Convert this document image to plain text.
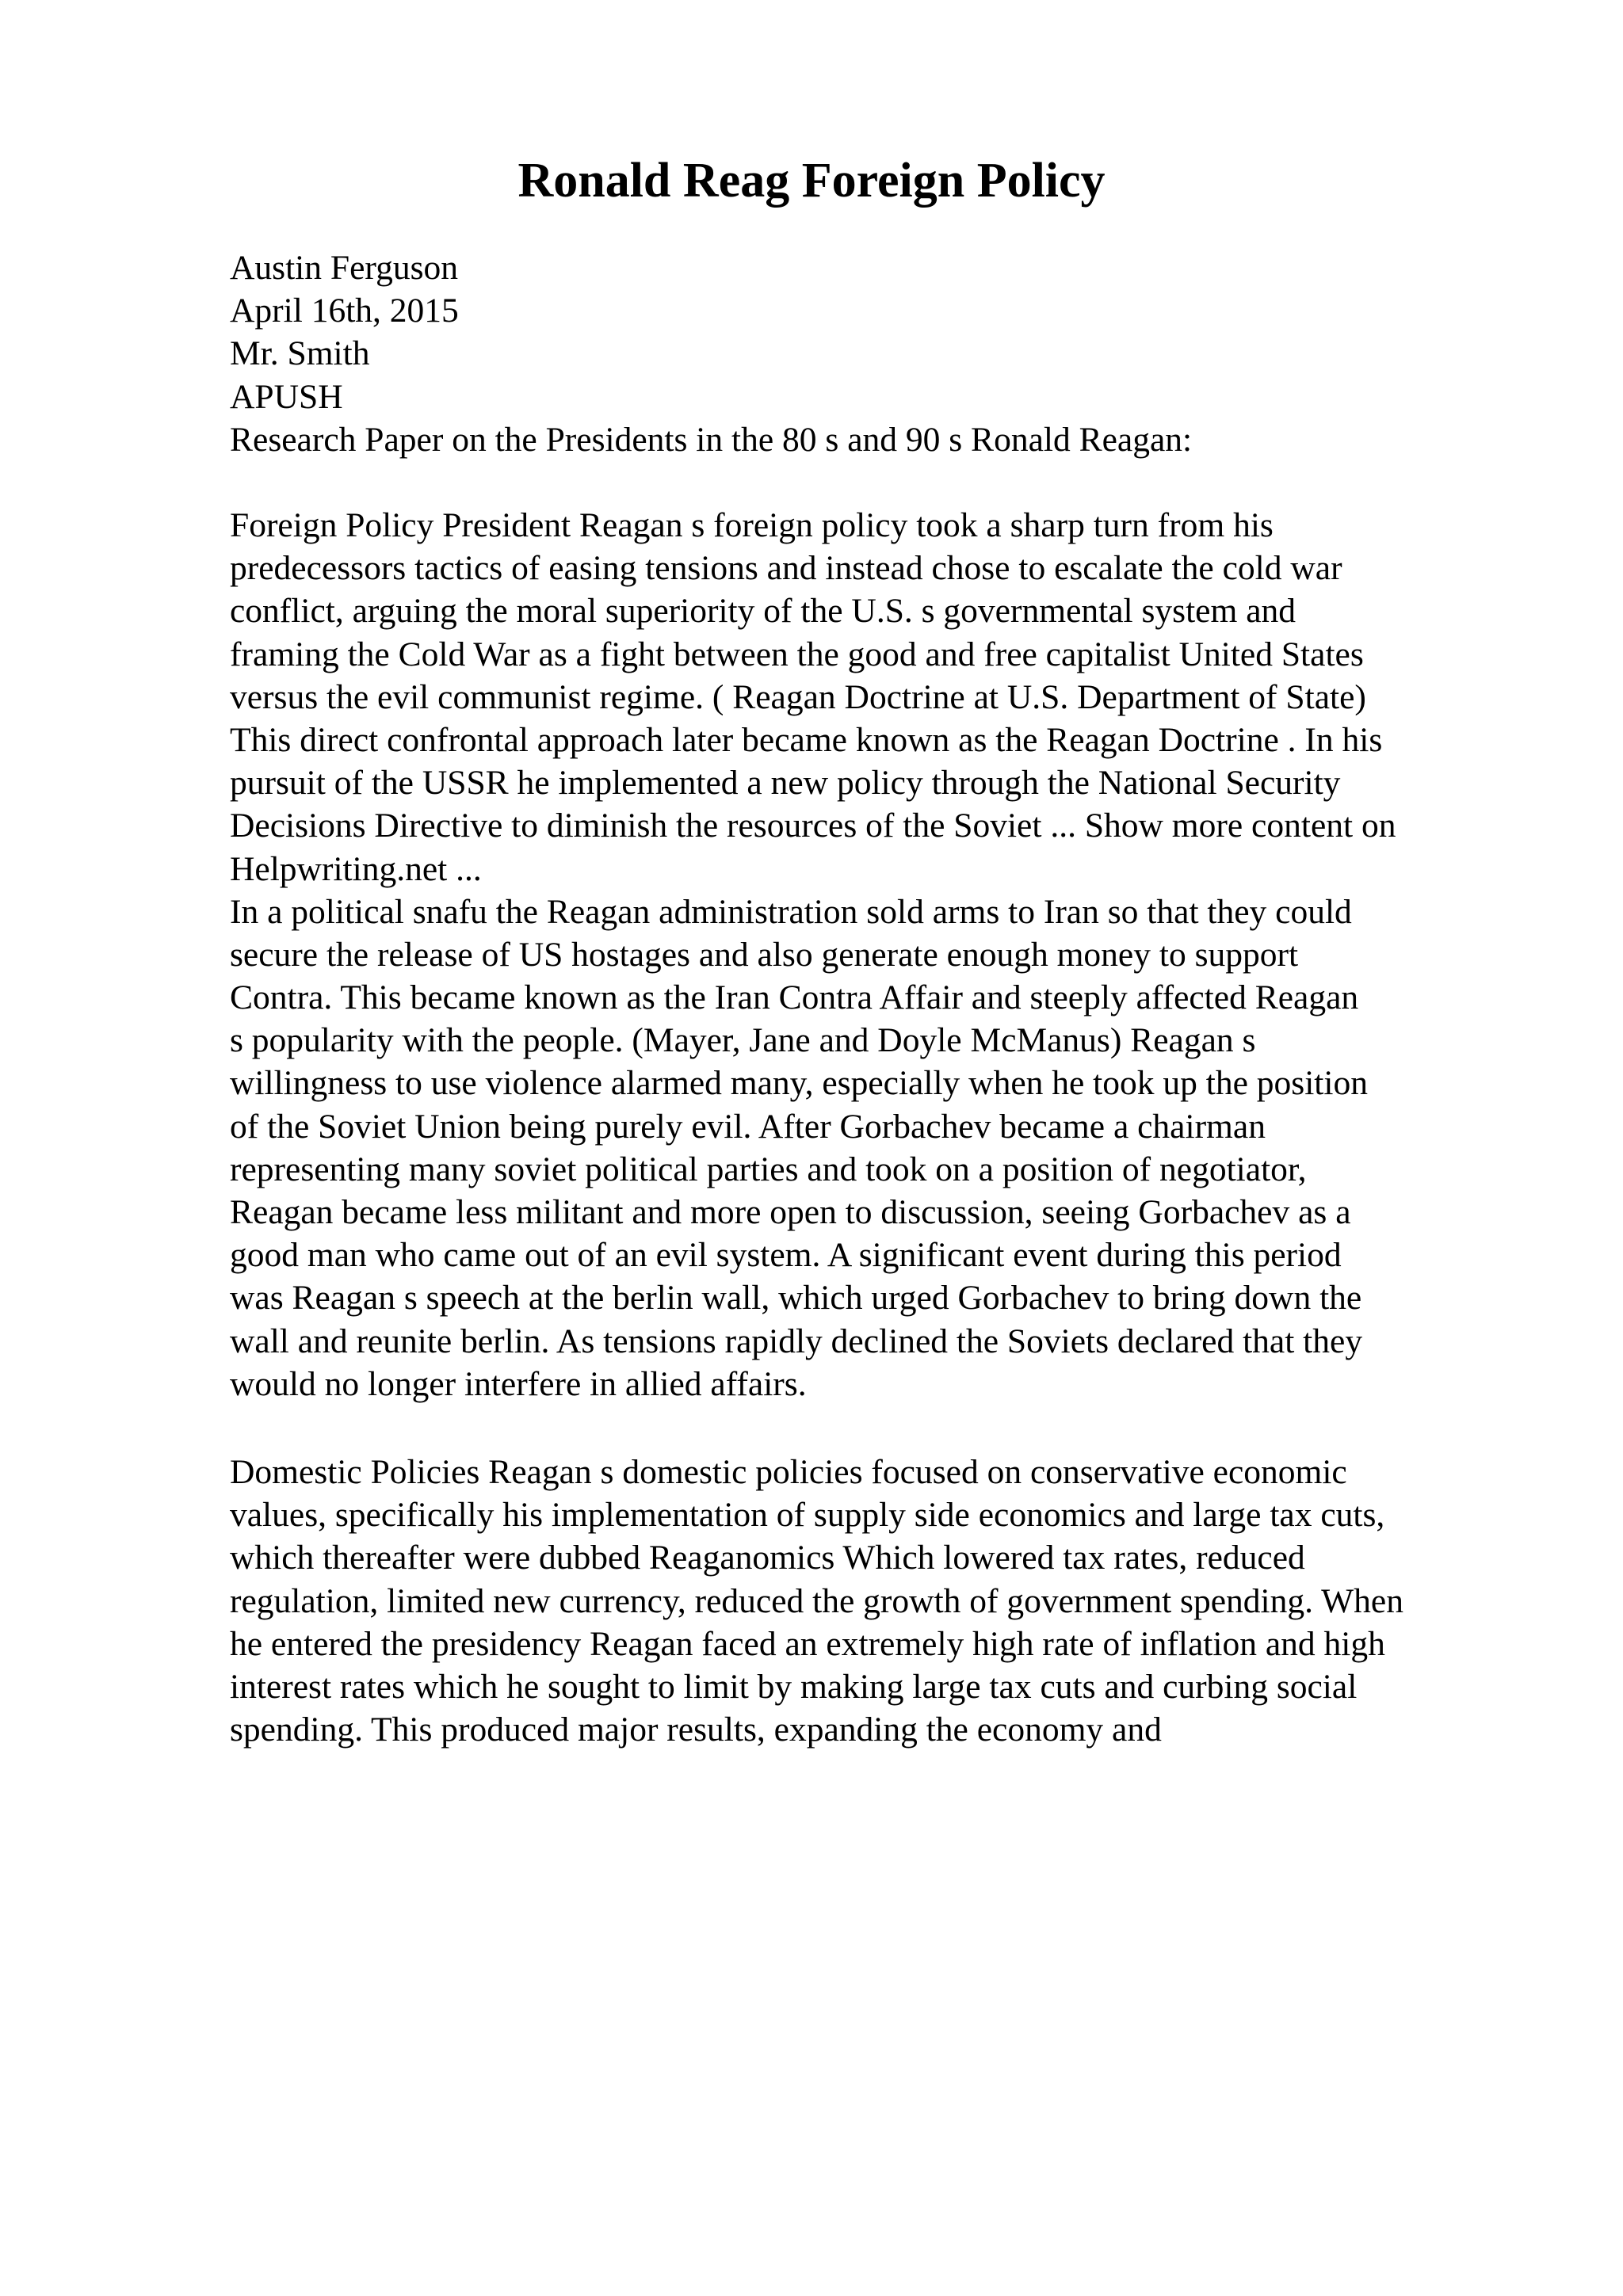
Ronald Reag Foreign Policy
Austin Ferguson
April 16th, 2015
Mr. Smith
APUSH
Research Paper on the Presidents in the 80 s and 90 s Ronald Reagan:
Foreign Policy President Reagan s foreign policy took a sharp turn from his
predecessors tactics of easing tensions and instead chose to escalate the cold war
conflict, arguing the moral superiority of the U.S. s governmental system and
framing the Cold War as a fight between the good and free capitalist United States
versus the evil communist regime. ( Reagan Doctrine at U.S. Department of State)
This direct confrontal approach later became known as the Reagan Doctrine . In his
pursuit of the USSR he implemented a new policy through the National Security
Decisions Directive to diminish the resources of the Soviet ... Show more content on
Helpwriting.net ...
In a political snafu the Reagan administration sold arms to Iran so that they could
secure the release of US hostages and also generate enough money to support
Contra. This became known as the Iran Contra Affair and steeply affected Reagan
s popularity with the people. (Mayer, Jane and Doyle McManus) Reagan s
willingness to use violence alarmed many, especially when he took up the position
of the Soviet Union being purely evil. After Gorbachev became a chairman
representing many soviet political parties and took on a position of negotiator,
Reagan became less militant and more open to discussion, seeing Gorbachev as a
good man who came out of an evil system. A significant event during this period
was Reagan s speech at the berlin wall, which urged Gorbachev to bring down the
wall and reunite berlin. As tensions rapidly declined the Soviets declared that they
would no longer interfere in allied affairs.
Domestic Policies Reagan s domestic policies focused on conservative economic
values, specifically his implementation of supply side economics and large tax cuts,
which thereafter were dubbed Reaganomics Which lowered tax rates, reduced
regulation, limited new currency, reduced the growth of government spending. When
he entered the presidency Reagan faced an extremely high rate of inflation and high
interest rates which he sought to limit by making large tax cuts and curbing social
spending. This produced major results, expanding the economy and
